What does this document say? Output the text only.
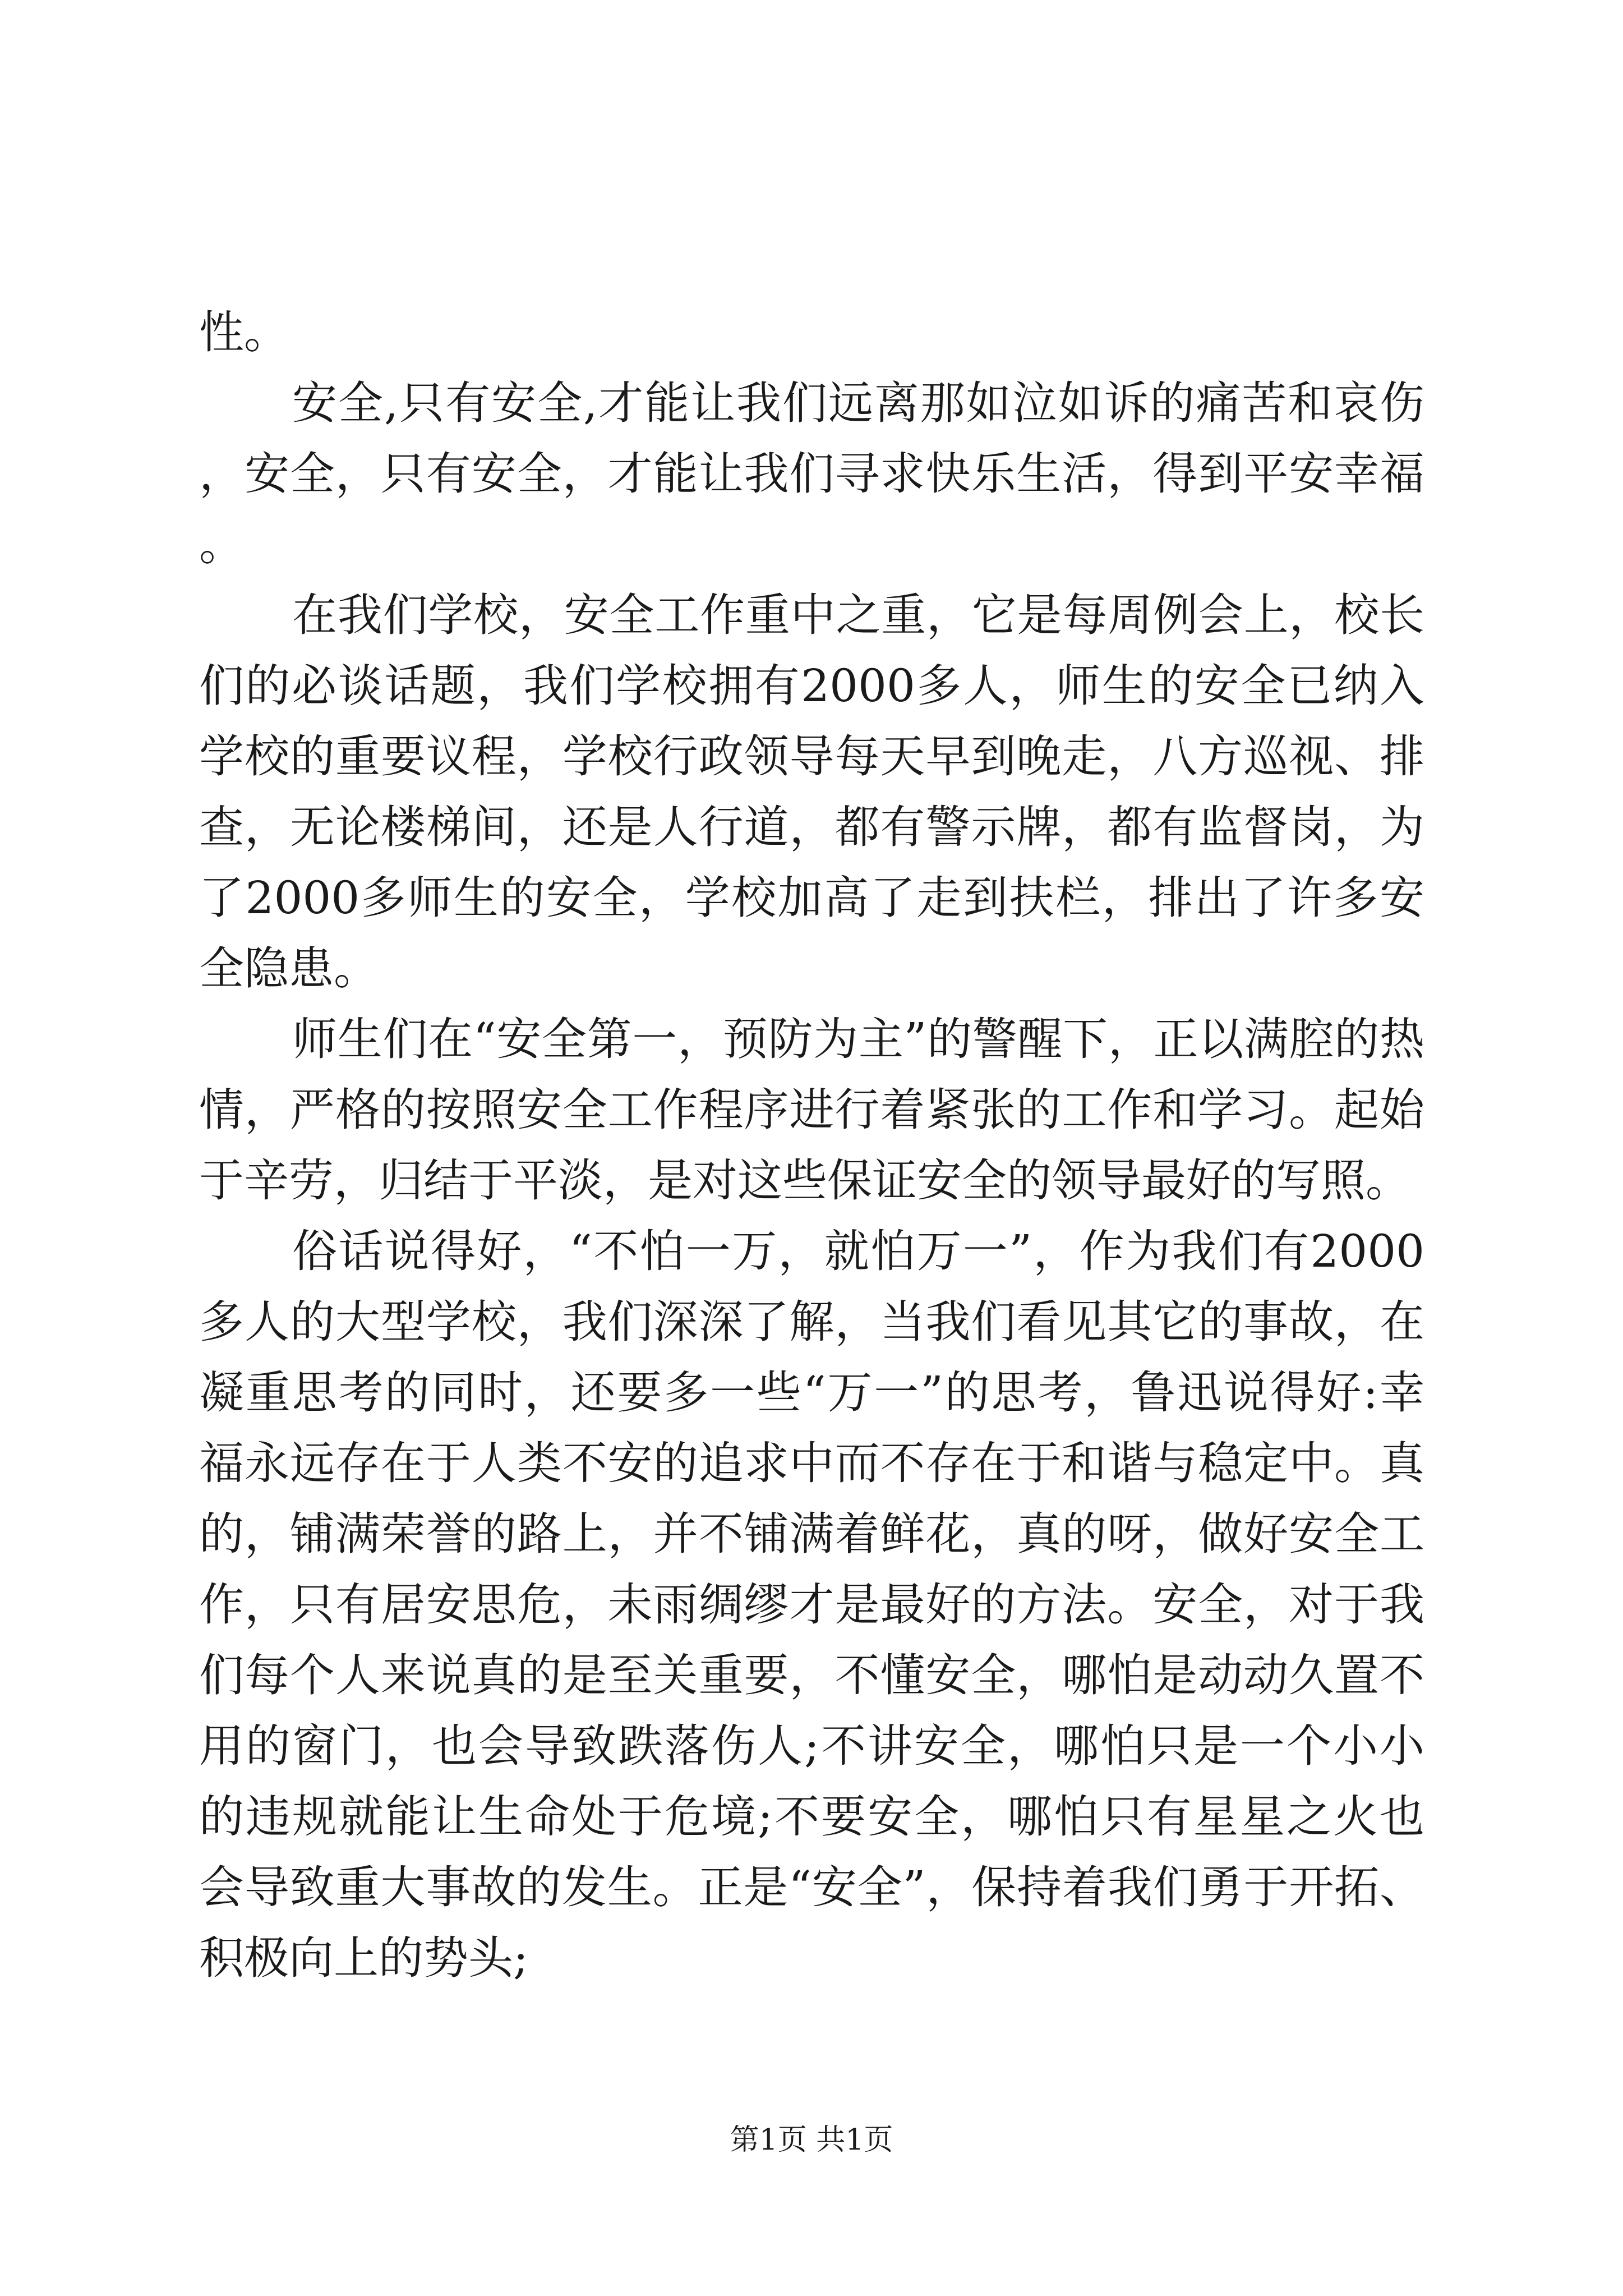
性。

安全,只有安全,才能让我们远离那如泣如诉的痛苦和哀伤，安全，只有安全，才能让我们寻求快乐生活，得到平安幸福。

在我们学校，安全工作重中之重，它是每周例会上，校长们的必谈话题，我们学校拥有2000多人，师生的安全已纳入学校的重要议程，学校行政领导每天早到晚走，八方巡视、排查，无论楼梯间，还是人行道，都有警示牌，都有监督岗，为了2000多师生的安全，学校加高了走到扶栏，排出了许多安全隐患。

师生们在“安全第一，预防为主”的警醒下，正以满腔的热情，严格的按照安全工作程序进行着紧张的工作和学习。起始于辛劳，归结于平淡，是对这些保证安全的领导最好的写照。

俗话说得好，“不怕一万，就怕万一”，作为我们有2000多人的大型学校，我们深深了解，当我们看见其它的事故，在凝重思考的同时，还要多一些“万一”的思考，鲁迅说得好:幸福永远存在于人类不安的追求中而不存在于和谐与稳定中。真的，铺满荣誉的路上，并不铺满着鲜花，真的呀，做好安全工作，只有居安思危，未雨绸缪才是最好的方法。安全，对于我们每个人来说真的是至关重要，不懂安全，哪怕是动动久置不用的窗门，也会导致跌落伤人;不讲安全，哪怕只是一个小小的违规就能让生命处于危境;不要安全，哪怕只有星星之火也会导致重大事故的发生。正是“安全”，保持着我们勇于开拓、积极向上的势头;

第1页 共1页
